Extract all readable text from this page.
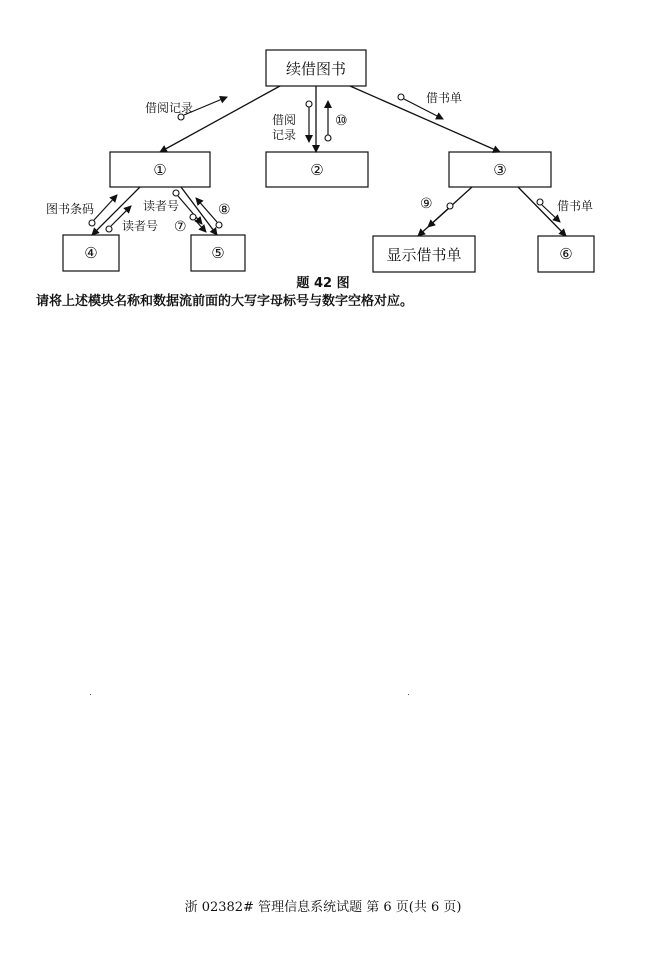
续借图书
①	②	③
④	⑤	显示借书单	⑥
借阅记录
借阅
记录
⑩
借书单
图书条码
读者号
读者号
⑦
⑧	⑨	借书单
题 42 图
请将上述模块名称和数据流前面的大写字母标号与数字空格对应。
浙 02382# 管理信息系统试题 第 6 页(共 6 页)
